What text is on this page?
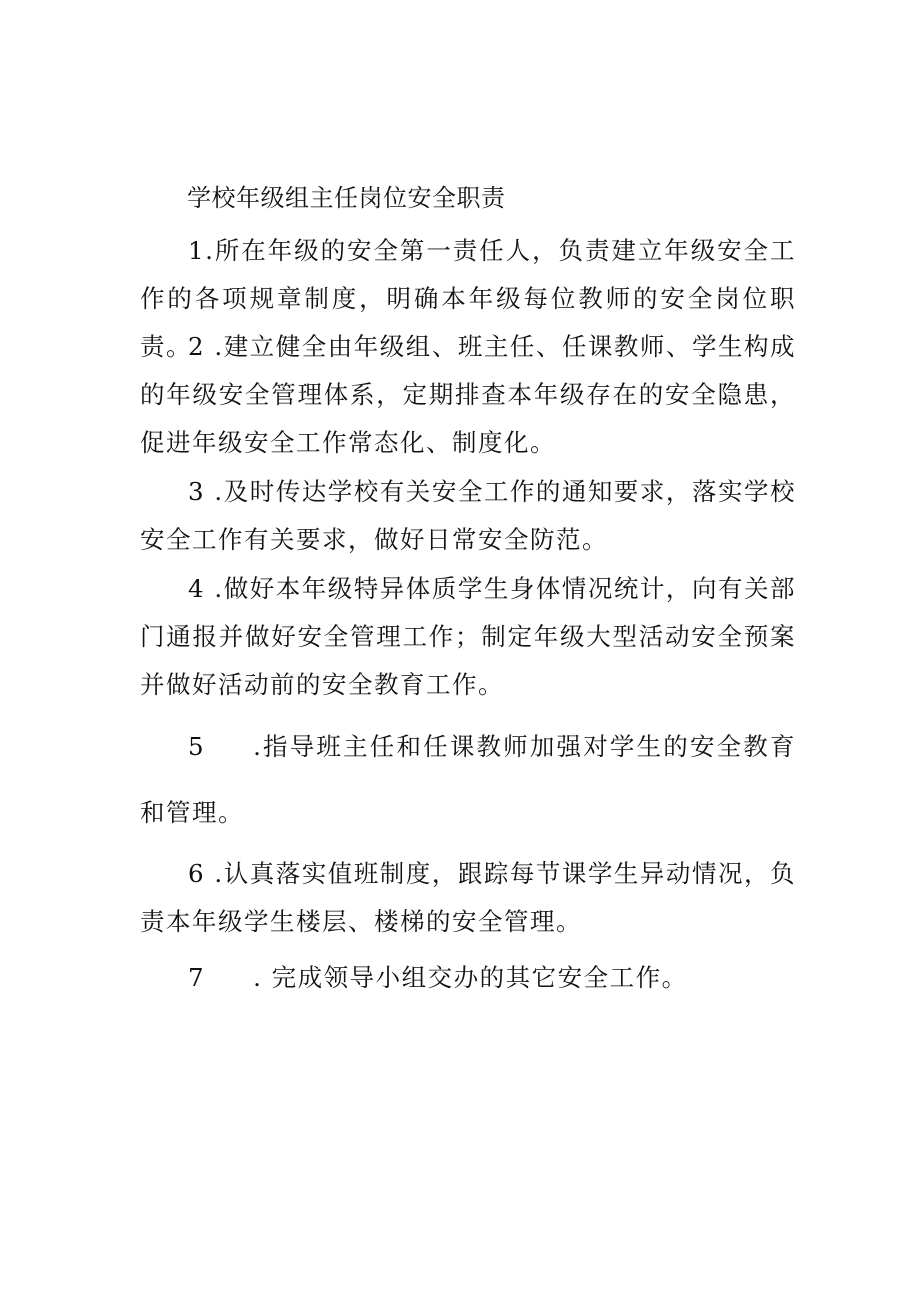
学校年级组主任岗位安全职责
1.所在年级的安全第一责任人，负责建立年级安全工作的各项规章制度，明确本年级每位教师的安全岗位职责。
2 .建立健全由年级组、班主任、任课教师、学生构成的年级安全管理体系，定期排查本年级存在的安全隐患，促进年级安全工作常态化、制度化。
3 .及时传达学校有关安全工作的通知要求，落实学校安全工作有关要求，做好日常安全防范。
4 .做好本年级特异体质学生身体情况统计，向有关部门通报并做好安全管理工作；制定年级大型活动安全预案并做好活动前的安全教育工作。
5 .指导班主任和任课教师加强对学生的安全教育和管理。
6 .认真落实值班制度，跟踪每节课学生异动情况，负责本年级学生楼层、楼梯的安全管理。
7 . 完成领导小组交办的其它安全工作。
